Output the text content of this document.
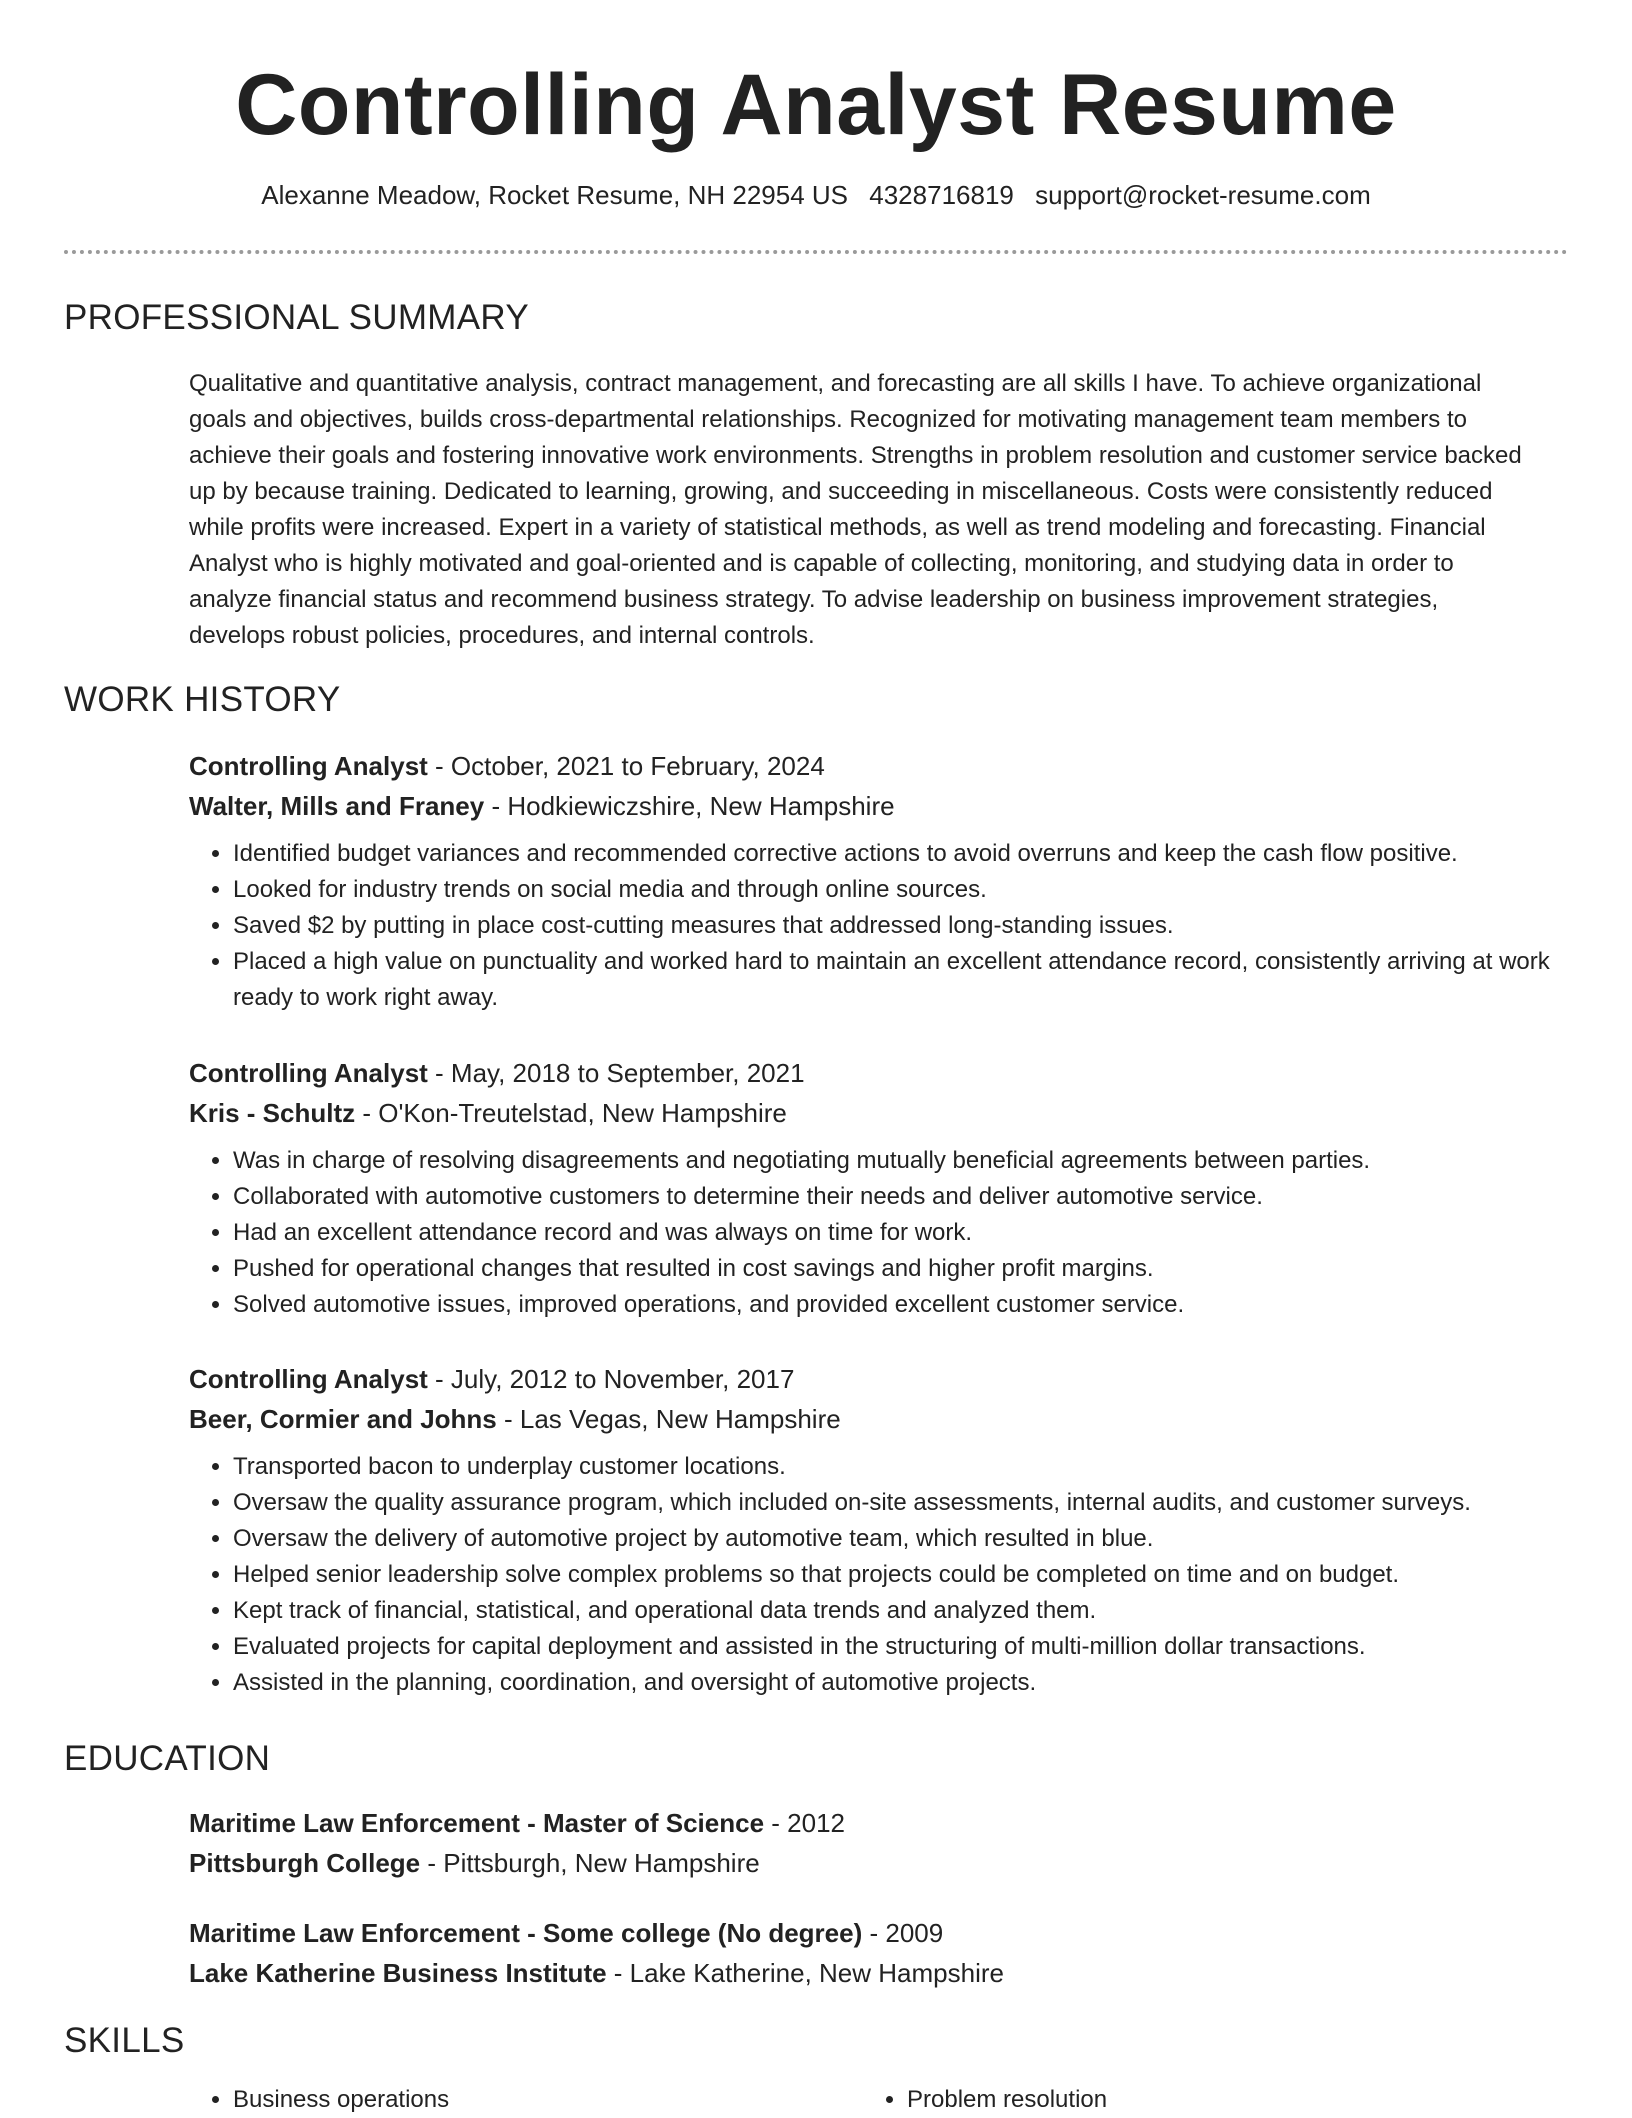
Controlling Analyst Resume
Alexanne Meadow, Rocket Resume, NH 22954 US 4328716819 support@rocket-resume.com
PROFESSIONAL SUMMARY

Qualitative and quantitative analysis, contract management, and forecasting are all skills I have. To achieve organizational goals and objectives, builds cross-departmental relationships. Recognized for motivating management team members to achieve their goals and fostering innovative work environments. Strengths in problem resolution and customer service backed up by because training. Dedicated to learning, growing, and succeeding in miscellaneous. Costs were consistently reduced while profits were increased. Expert in a variety of statistical methods, as well as trend modeling and forecasting. Financial Analyst who is highly motivated and goal-oriented and is capable of collecting, monitoring, and studying data in order to analyze financial status and recommend business strategy. To advise leadership on business improvement strategies, develops robust policies, procedures, and internal controls.

WORK HISTORY
Controlling Analyst - October, 2021 to February, 2024
Walter, Mills and Franey - Hodkiewiczshire, New Hampshire
• Identified budget variances and recommended corrective actions to avoid overruns and keep the cash flow positive.
• Looked for industry trends on social media and through online sources.
• Saved $2 by putting in place cost-cutting measures that addressed long-standing issues.
• Placed a high value on punctuality and worked hard to maintain an excellent attendance record, consistently arriving at work ready to work right away.
Controlling Analyst - May, 2018 to September, 2021
Kris - Schultz - O'Kon-Treutelstad, New Hampshire
• Was in charge of resolving disagreements and negotiating mutually beneficial agreements between parties.
• Collaborated with automotive customers to determine their needs and deliver automotive service.
• Had an excellent attendance record and was always on time for work.
• Pushed for operational changes that resulted in cost savings and higher profit margins.
• Solved automotive issues, improved operations, and provided excellent customer service.
Controlling Analyst - July, 2012 to November, 2017
Beer, Cormier and Johns - Las Vegas, New Hampshire
• Transported bacon to underplay customer locations.
• Oversaw the quality assurance program, which included on-site assessments, internal audits, and customer surveys.
• Oversaw the delivery of automotive project by automotive team, which resulted in blue.
• Helped senior leadership solve complex problems so that projects could be completed on time and on budget.
• Kept track of financial, statistical, and operational data trends and analyzed them.
• Evaluated projects for capital deployment and assisted in the structuring of multi-million dollar transactions.
• Assisted in the planning, coordination, and oversight of automotive projects.
EDUCATION
Maritime Law Enforcement - Master of Science - 2012
Pittsburgh College - Pittsburgh, New Hampshire
Maritime Law Enforcement - Some college (No degree) - 2009
Lake Katherine Business Institute - Lake Katherine, New Hampshire
SKILLS
• Business operations
•	Problem resolution
